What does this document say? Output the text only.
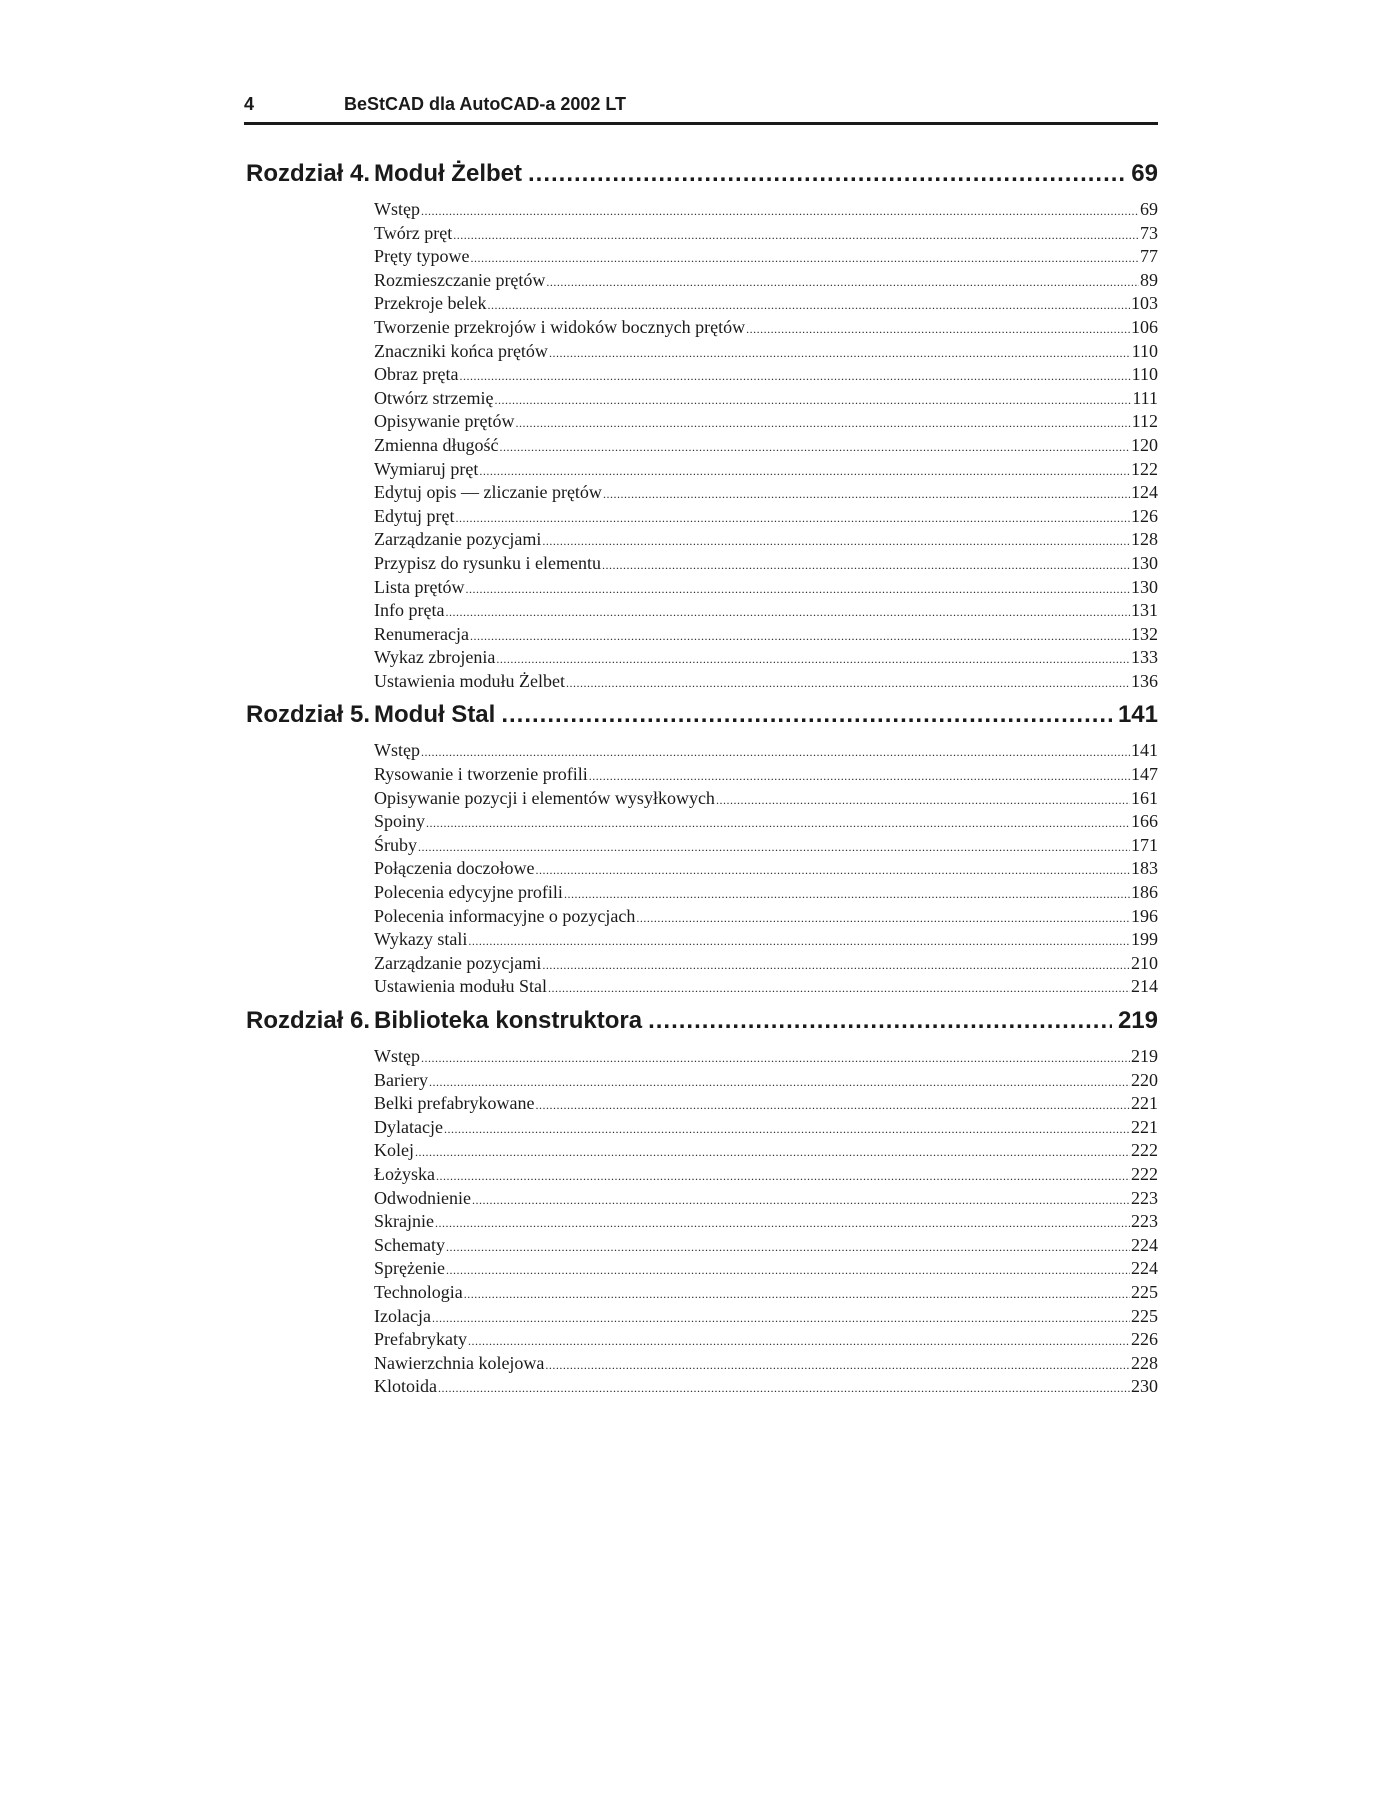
4	BeStCAD dla AutoCAD-a 2002 LT
Rozdział 4. Moduł Żelbet .....	69
Wstęp .....	69
Twórz pręt .....	73
Pręty typowe .....	77
Rozmieszczanie prętów .....	89
Przekroje belek .....	103
Tworzenie przekrojów i widoków bocznych prętów .....	106
Znaczniki końca prętów .....	110
Obraz pręta .....	110
Otwórz strzemię .....	111
Opisywanie prętów .....	112
Zmienna długość .....	120
Wymiaruj pręt .....	122
Edytuj opis — zliczanie prętów .....	124
Edytuj pręt .....	126
Zarządzanie pozycjami .....	128
Przypisz do rysunku i elementu .....	130
Lista prętów .....	130
Info pręta .....	131
Renumeracja .....	132
Wykaz zbrojenia .....	133
Ustawienia modułu Żelbet .....	136
Rozdział 5. Moduł Stal .....	141
Wstęp .....	141
Rysowanie i tworzenie profili .....	147
Opisywanie pozycji i elementów wysyłkowych .....	161
Spoiny .....	166
Śruby .....	171
Połączenia doczołowe .....	183
Polecenia edycyjne profili .....	186
Polecenia informacyjne o pozycjach .....	196
Wykazy stali .....	199
Zarządzanie pozycjami .....	210
Ustawienia modułu Stal .....	214
Rozdział 6. Biblioteka konstruktora .....	219
Wstęp .....	219
Bariery .....	220
Belki prefabrykowane .....	221
Dylatacje .....	221
Kolej .....	222
Łożyska .....	222
Odwodnienie .....	223
Skrajnie .....	223
Schematy .....	224
Sprężenie .....	224
Technologia .....	225
Izolacja .....	225
Prefabrykaty .....	226
Nawierzchnia kolejowa .....	228
Klotoida .....	230
